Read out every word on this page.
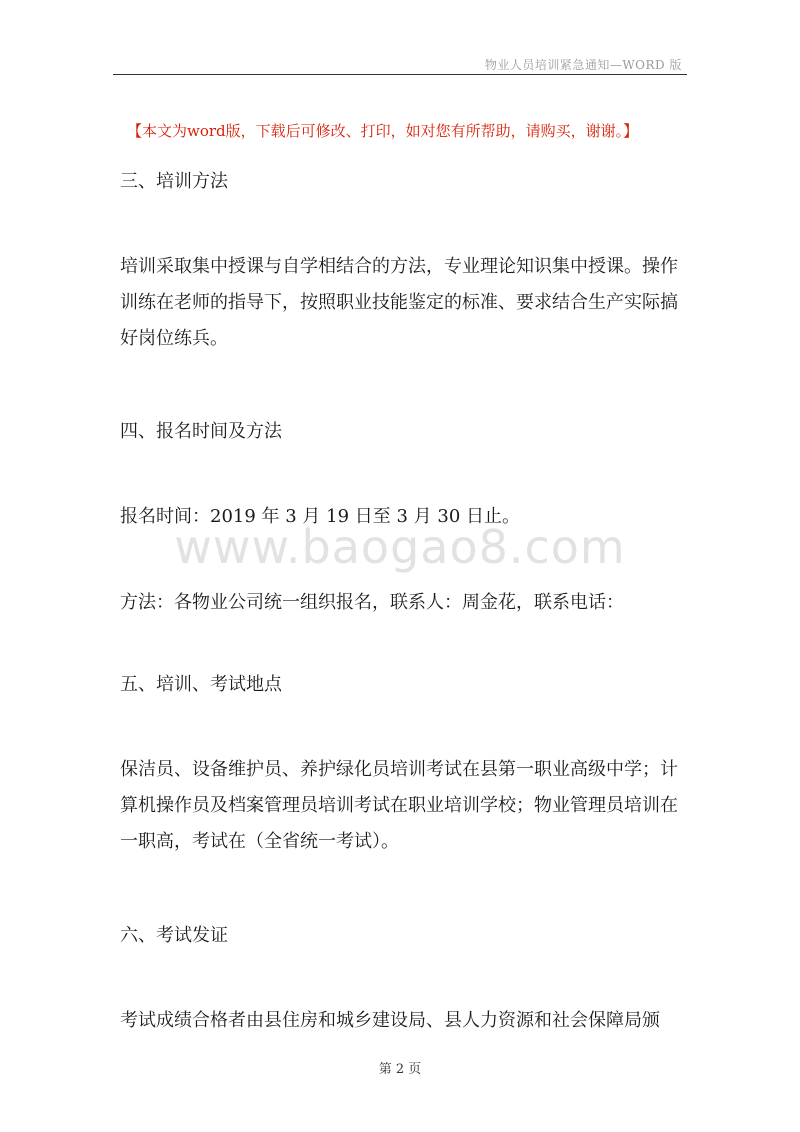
物业人员培训紧急通知—WORD 版
【本文为word版，下载后可修改、打印，如对您有所帮助，请购买，谢谢。】

三、培训方法

培训采取集中授课与自学相结合的方法，专业理论知识集中授课。操作训练在老师的指导下，按照职业技能鉴定的标准、要求结合生产实际搞好岗位练兵。

四、报名时间及方法

报名时间：2019 年 3 月 19 日至 3 月 30 日止。

方法：各物业公司统一组织报名，联系人：周金花，联系电话：

五、培训、考试地点

保洁员、设备维护员、养护绿化员培训考试在县第一职业高级中学；计算机操作员及档案管理员培训考试在职业培训学校；物业管理员培训在一职高，考试在（全省统一考试）。

六、考试发证

考试成绩合格者由县住房和城乡建设局、县人力资源和社会保障局颁

www.baogao8.com
第 2 页
